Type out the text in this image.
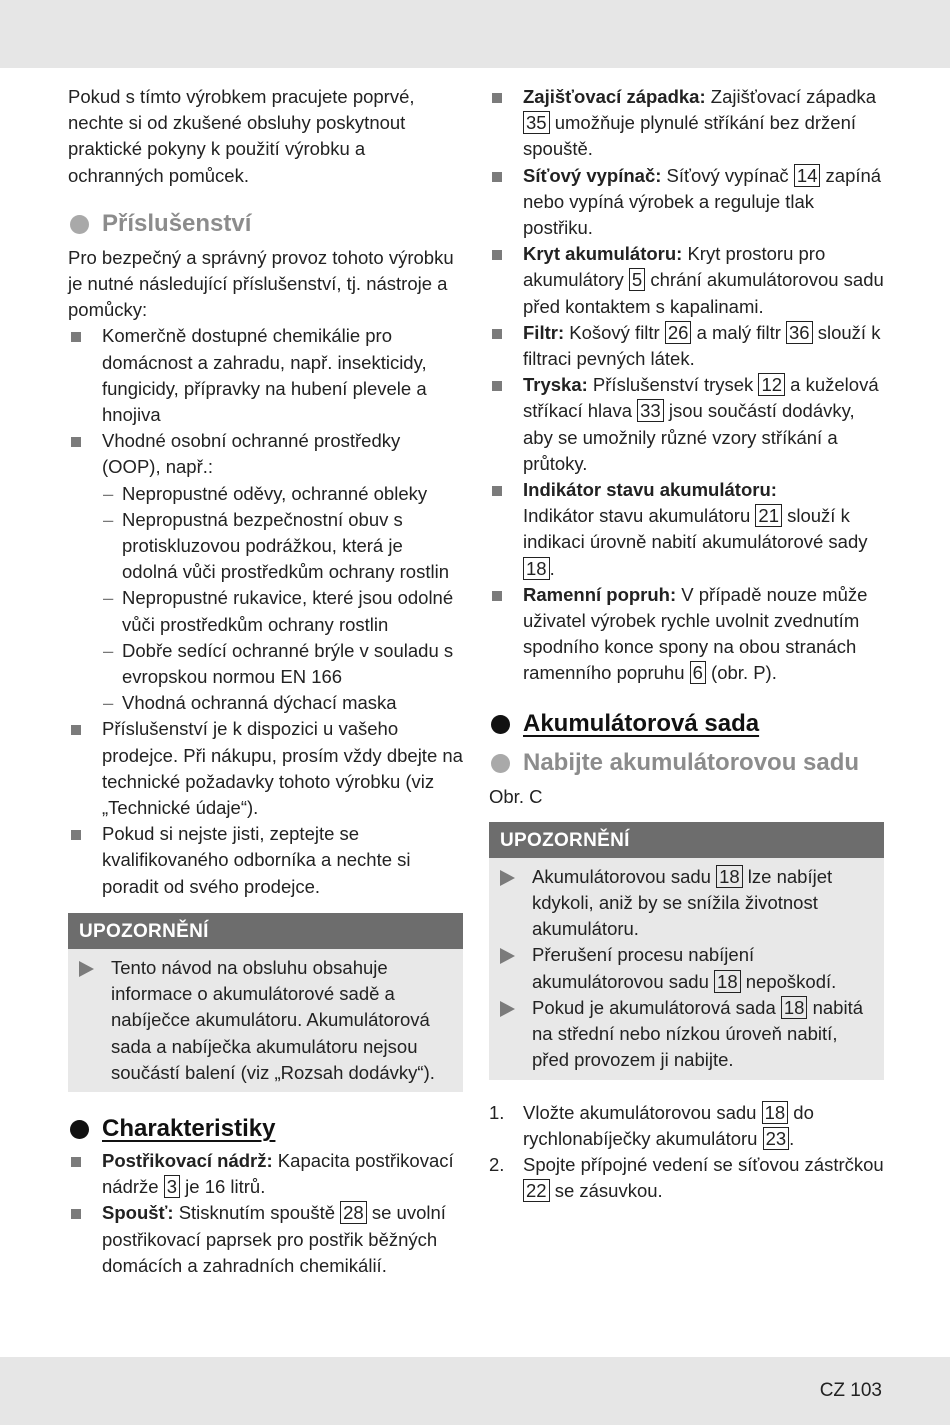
Pokud s tímto výrobkem pracujete poprvé, nechte si od zkušené obsluhy poskytnout praktické pokyny k použití výrobku a ochranných pomůcek.

Příslušenství

Pro bezpečný a správný provoz tohoto výrobku je nutné následující příslušenství, tj. nástroje a pomůcky:

Komerčně dostupné chemikálie pro domácnost a zahradu, např. insekticidy, fungicidy, přípravky na hubení plevele a hnojiva
Vhodné osobní ochranné prostředky (OOP), např.:
– Nepropustné oděvy, ochranné obleky
– Nepropustná bezpečnostní obuv s protiskluzovou podrážkou, která je odolná vůči prostředkům ochrany rostlin
– Nepropustné rukavice, které jsou odolné vůči prostředkům ochrany rostlin
– Dobře sedící ochranné brýle v souladu s evropskou normou EN 166
– Vhodná ochranná dýchací maska
Příslušenství je k dispozici u vašeho prodejce. Při nákupu, prosím vždy dbejte na technické požadavky tohoto výrobku (viz „Technické údaje“).
Pokud si nejste jisti, zeptejte se kvalifikovaného odborníka a nechte si poradit od svého prodejce.
UPOZORNĚNÍ
Tento návod na obsluhu obsahuje informace o akumulátorové sadě a nabíječce akumulátoru. Akumulátorová sada a nabíječka akumulátoru nejsou součástí balení (viz „Rozsah dodávky“).
Charakteristiky
Postřikovací nádrž: Kapacita postřikovací nádrže 3 je 16 litrů.
Spoušť: Stisknutím spouště 28 se uvolní postřikovací paprsek pro postřik běžných domácích a zahradních chemikálií.
Zajišťovací západka: Zajišťovací západka 35 umožňuje plynulé stříkání bez držení spouště.
Síťový vypínač: Síťový vypínač 14 zapíná nebo vypíná výrobek a reguluje tlak postřiku.
Kryt akumulátoru: Kryt prostoru pro akumulátory 5 chrání akumulátorovou sadu před kontaktem s kapalinami.
Filtr: Košový filtr 26 a malý filtr 36 slouží k filtraci pevných látek.
Tryska: Příslušenství trysek 12 a kuželová stříkací hlava 33 jsou součástí dodávky, aby se umožnily různé vzory stříkání a průtoky.
Indikátor stavu akumulátoru:
Indikátor stavu akumulátoru 21 slouží k indikaci úrovně nabití akumulátorové sady 18 .
Ramenní popruh: V případě nouze může uživatel výrobek rychle uvolnit zvednutím spodního konce spony na obou stranách ramenního popruhu 6 (obr. P).
Akumulátorová sada
Nabijte akumulátorovou sadu

Obr. C

UPOZORNĚNÍ
Akumulátorovou sadu 18 lze nabíjet kdykoli, aniž by se snížila životnost akumulátoru.
Přerušení procesu nabíjení akumulátorovou sadu 18 nepoškodí.
Pokud je akumulátorová sada 18 nabitá na střední nebo nízkou úroveň nabití, před provozem ji nabijte.
1. Vložte akumulátorovou sadu 18 do rychlonabíječky akumulátoru 23 .
2. Spojte přípojné vedení se síťovou zástrčkou 22 se zásuvkou.
CZ 103
